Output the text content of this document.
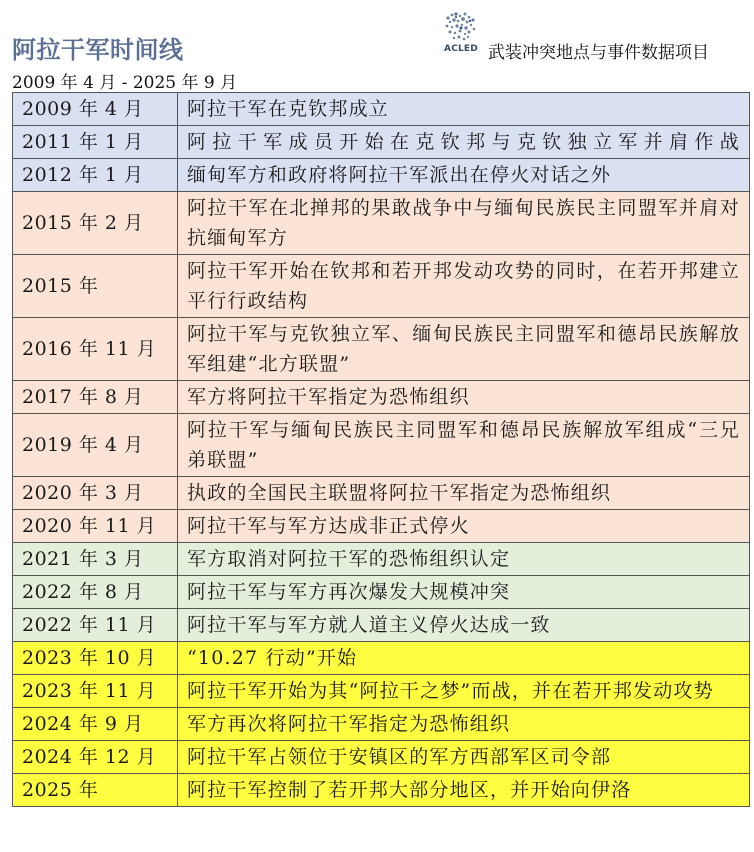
阿拉干军时间线	ACLED 武装冲突地点与事件数据项目
2009 年 4 月 - 2025 年 9 月
2009 年 4 月	阿拉干军在克钦邦成立
2011 年 1 月	阿拉干军成员开始在克钦邦与克钦独立军并肩作战
2012 年 1 月	缅甸军方和政府将阿拉干军派出在停火对话之外
2015 年 2 月	阿拉干军在北掸邦的果敢战争中与缅甸民族民主同盟军并肩对抗缅甸军方
2015 年	阿拉干军开始在钦邦和若开邦发动攻势的同时，在若开邦建立平行行政结构
2016 年 11 月	阿拉干军与克钦独立军、缅甸民族民主同盟军和德昂民族解放军组建“北方联盟”
2017 年 8 月	军方将阿拉干军指定为恐怖组织
2019 年 4 月	阿拉干军与缅甸民族民主同盟军和德昂民族解放军组成“三兄弟联盟”
2020 年 3 月	执政的全国民主联盟将阿拉干军指定为恐怖组织
2020 年 11 月	阿拉干军与军方达成非正式停火
2021 年 3 月	军方取消对阿拉干军的恐怖组织认定
2022 年 8 月	阿拉干军与军方再次爆发大规模冲突
2022 年 11 月	阿拉干军与军方就人道主义停火达成一致
2023 年 10 月	“10.27 行动”开始
2023 年 11 月	阿拉干军开始为其“阿拉干之梦”而战，并在若开邦发动攻势
2024 年 9 月	军方再次将阿拉干军指定为恐怖组织
2024 年 12 月	阿拉干军占领位于安镇区的军方西部军区司令部
2025 年	阿拉干军控制了若开邦大部分地区，并开始向伊洛
